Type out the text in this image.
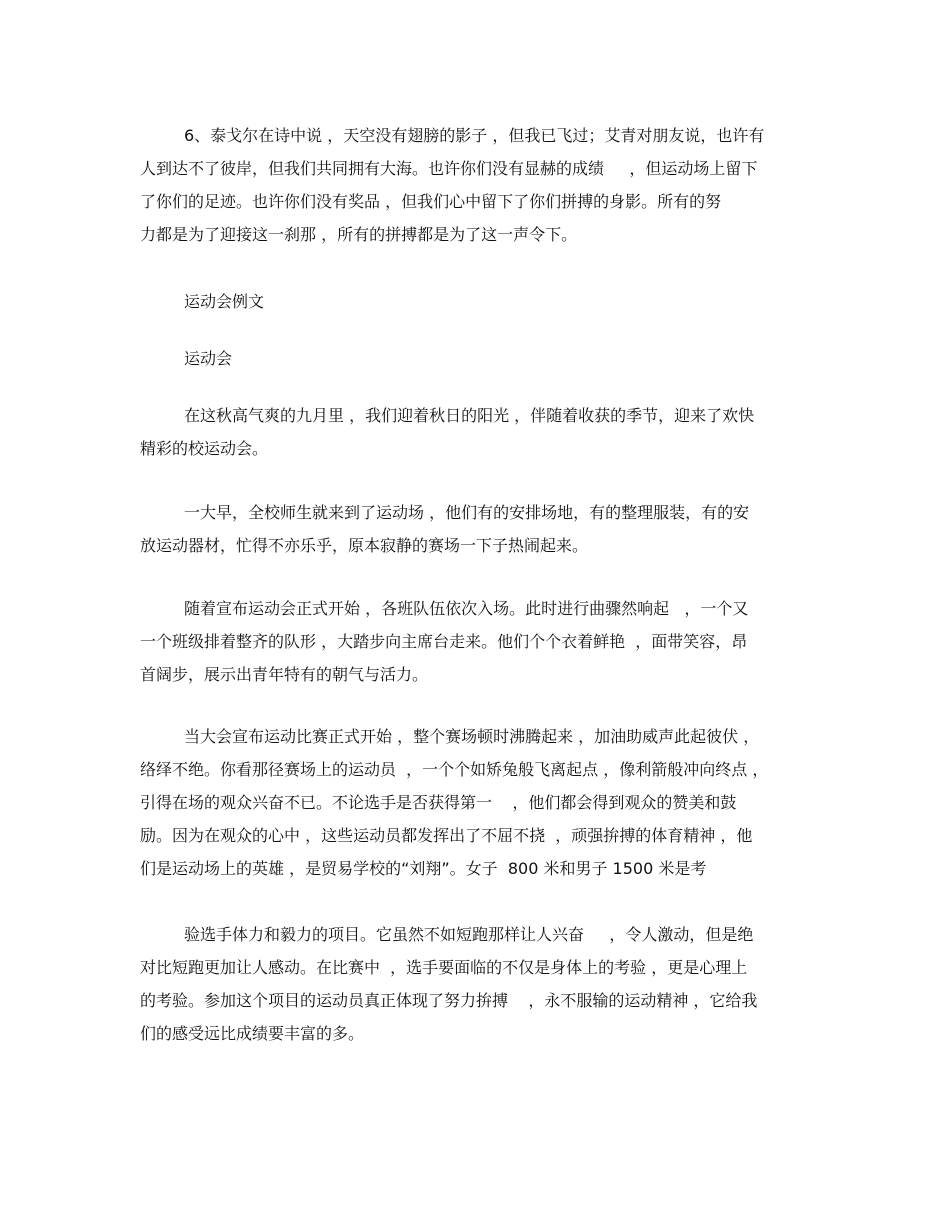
6、泰戈尔在诗中说 ，天空没有翅膀的影子 ，但我已飞过；艾青对朋友说，也许有
人到达不了彼岸，但我们共同拥有大海。也许你们没有显赫的成绩     ，但运动场上留下
了你们的足迹。也许你们没有奖品 ，但我们心中留下了你们拼搏的身影。所有的努
力都是为了迎接这一刹那 ，所有的拼搏都是为了这一声令下。
运动会例文
运动会
在这秋高气爽的九月里 ，我们迎着秋日的阳光 ，伴随着收获的季节，迎来了欢快
精彩的校运动会。
一大早，全校师生就来到了运动场 ，他们有的安排场地，有的整理服装，有的安
放运动器材，忙得不亦乐乎，原本寂静的赛场一下子热闹起来。
随着宣布运动会正式开始 ，各班队伍依次入场。此时进行曲骤然响起   ，一个又
一个班级排着整齐的队形 ，大踏步向主席台走来。他们个个衣着鲜艳  ，面带笑容，昂
首阔步，展示出青年特有的朝气与活力。
当大会宣布运动比赛正式开始 ，整个赛场顿时沸腾起来 ，加油助威声此起彼伏 ，
络绎不绝。你看那径赛场上的运动员  ，一个个如矫兔般飞离起点 ，像利箭般冲向终点 ，
引得在场的观众兴奋不已。不论选手是否获得第一    ，他们都会得到观众的赞美和鼓
励。因为在观众的心中 ，这些运动员都发挥出了不屈不挠  ，顽强拚搏的体育精神 ，他
们是运动场上的英雄 ，是贸易学校的“刘翔”。女子  800 米和男子 1500 米是考
验选手体力和毅力的项目。它虽然不如短跑那样让人兴奋     ，令人激动，但是绝
对比短跑更加让人感动。在比赛中  ，选手要面临的不仅是身体上的考验 ，更是心理上
的考验。参加这个项目的运动员真正体现了努力拚搏    ，永不服输的运动精神 ，它给我
们的感受远比成绩要丰富的多。
